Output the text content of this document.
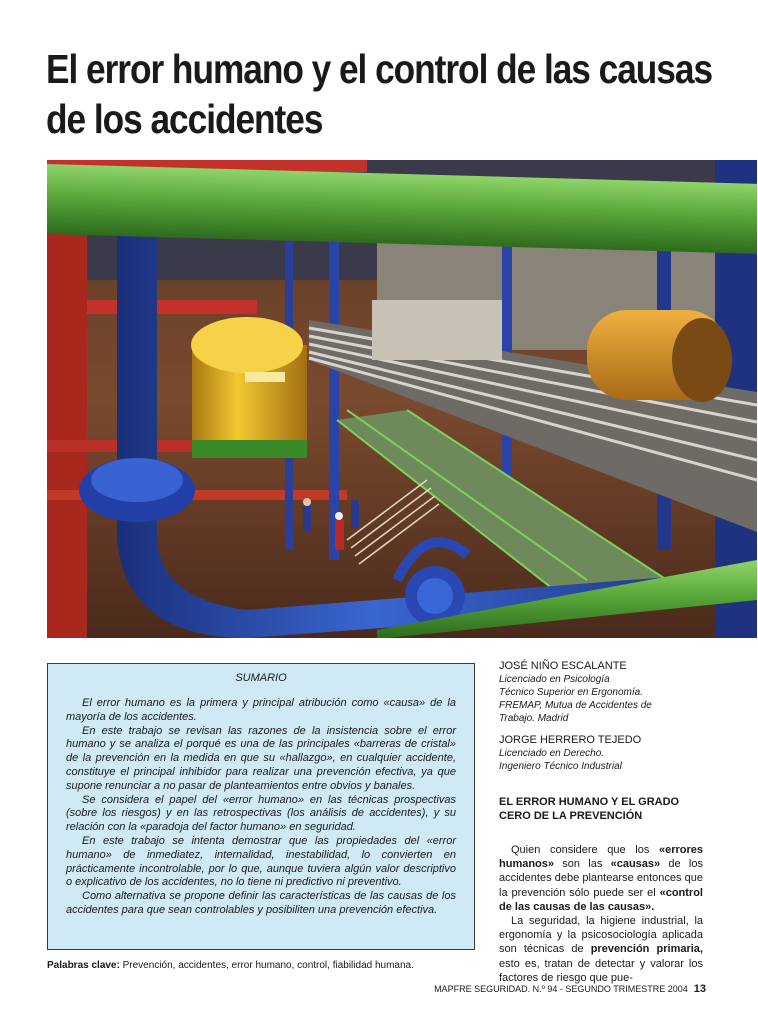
El error humano y el control de las causas
de los accidentes
SUMARIO

El error humano es la primera y principal atribución como «causa» de la mayoría de los accidentes.

En este trabajo se revisan las razones de la insistencia sobre el error humano y se analiza el porqué es una de las principales «barreras de cristal» de la prevención en la medida en que su «hallazgo», en cualquier accidente, constituye el principal inhibidor para realizar una prevención efectiva, ya que supone renunciar a no pasar de planteamientos entre obvios y banales.

Se considera el papel del «error humano» en las técnicas prospectivas (sobre los riesgos) y en las retrospectivas (los análisis de accidentes), y su relación con la «paradoja del factor humano» en seguridad.

En este trabajo se intenta demostrar que las propiedades del «error humano» de inmediatez, internalidad, inestabilidad, lo convierten en prácticamente incontrolable, por lo que, aunque tuviera algún valor descriptivo o explicativo de los accidentes, no lo tiene ni predictivo ni preventivo.

Como alternativa se propone definir las características de las causas de los accidentes para que sean controlables y posibiliten una prevención efectiva.

Palabras clave: Prevención, accidentes, error humano, control, fiabilidad humana.

JOSÉ NIÑO ESCALANTE

Licenciado en Psicología

Técnico Superior en Ergonomía.

FREMAP, Mutua de Accidentes de

Trabajo. Madrid

JORGE HERRERO TEJEDO

Licenciado en Derecho.

Ingeniero Técnico Industrial

EL ERROR HUMANO Y EL GRADO
CERO DE LA PREVENCIÓN

Quien considere que los «errores humanos» son las «causas» de los accidentes debe plantearse entonces que la prevención sólo puede ser el «control de las causas de las causas».

La seguridad, la higiene industrial, la ergonomía y la psicosociología aplicada son técnicas de prevención primaria, esto es, tratan de detectar y valorar los factores de riesgo que pue-

MAPFRE SEGURIDAD. N.º 94 - SEGUNDO TRIMESTRE 2004 13
